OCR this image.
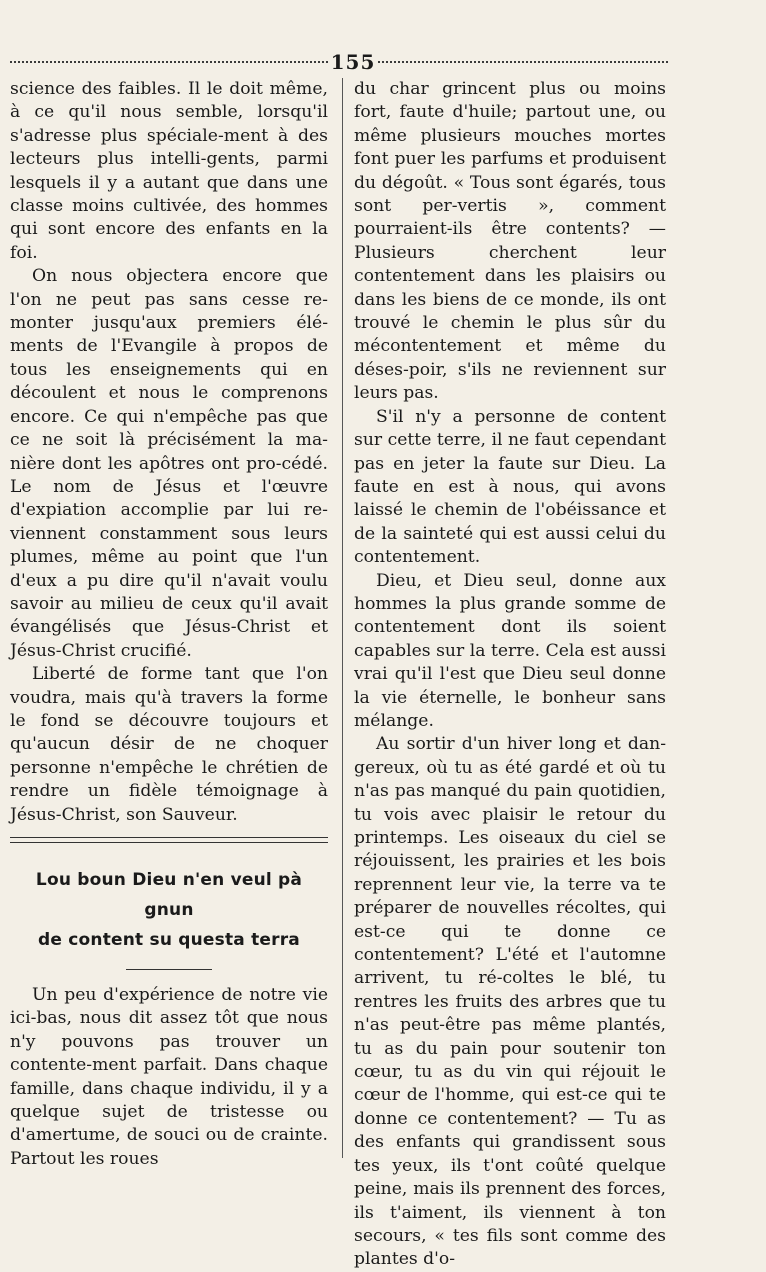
155

science des faibles. Il le doit même, à ce qu'il nous semble, lorsqu'il s'adresse plus spéciale-ment à des lecteurs plus intelli-gents, parmi lesquels il y a autant que dans une classe moins cultivée, des hommes qui sont encore des enfants en la foi.

On nous objectera encore que l'on ne peut pas sans cesse re-monter jusqu'aux premiers élé-ments de l'Evangile à propos de tous les enseignements qui en découlent et nous le comprenons encore. Ce qui n'empêche pas que ce ne soit là précisément la ma-nière dont les apôtres ont pro-cédé. Le nom de Jésus et l'œuvre d'expiation accomplie par lui re-viennent constamment sous leurs plumes, même au point que l'un d'eux a pu dire qu'il n'avait voulu savoir au milieu de ceux qu'il avait évangélisés que Jésus-Christ et Jésus-Christ crucifié.

Liberté de forme tant que l'on voudra, mais qu'à travers la forme le fond se découvre toujours et qu'aucun désir de ne choquer personne n'empêche le chrétien de rendre un fidèle témoignage à Jésus-Christ, son Sauveur.

Lou boun Dieu n'en veul pà gnun
de content su questa terra

Un peu d'expérience de notre vie ici-bas, nous dit assez tôt que nous n'y pouvons pas trouver un contente-ment parfait. Dans chaque famille, dans chaque individu, il y a quelque sujet de tristesse ou d'amertume, de souci ou de crainte. Partout les roues

du char grincent plus ou moins fort, faute d'huile; partout une, ou même plusieurs mouches mortes font puer les parfums et produisent du dégoût. « Tous sont égarés, tous sont per-vertis », comment pourraient-ils être contents? — Plusieurs cherchent leur contentement dans les plaisirs ou dans les biens de ce monde, ils ont trouvé le chemin le plus sûr du mécontentement et même du déses-poir, s'ils ne reviennent sur leurs pas.

S'il n'y a personne de content sur cette terre, il ne faut cependant pas en jeter la faute sur Dieu. La faute en est à nous, qui avons laissé le chemin de l'obéissance et de la sainteté qui est aussi celui du contentement.

Dieu, et Dieu seul, donne aux hommes la plus grande somme de contentement dont ils soient capables sur la terre. Cela est aussi vrai qu'il l'est que Dieu seul donne la vie éternelle, le bonheur sans mélange.

Au sortir d'un hiver long et dan-gereux, où tu as été gardé et où tu n'as pas manqué du pain quotidien, tu vois avec plaisir le retour du printemps. Les oiseaux du ciel se réjouissent, les prairies et les bois reprennent leur vie, la terre va te préparer de nouvelles récoltes, qui est-ce qui te donne ce contentement? L'été et l'automne arrivent, tu ré-coltes le blé, tu rentres les fruits des arbres que tu n'as peut-être pas même plantés, tu as du pain pour soutenir ton cœur, tu as du vin qui réjouit le cœur de l'homme, qui est-ce qui te donne ce contentement? — Tu as des enfants qui grandissent sous tes yeux, ils t'ont coûté quelque peine, mais ils prennent des forces, ils t'aiment, ils viennent à ton secours, « tes fils sont comme des plantes d'o-
